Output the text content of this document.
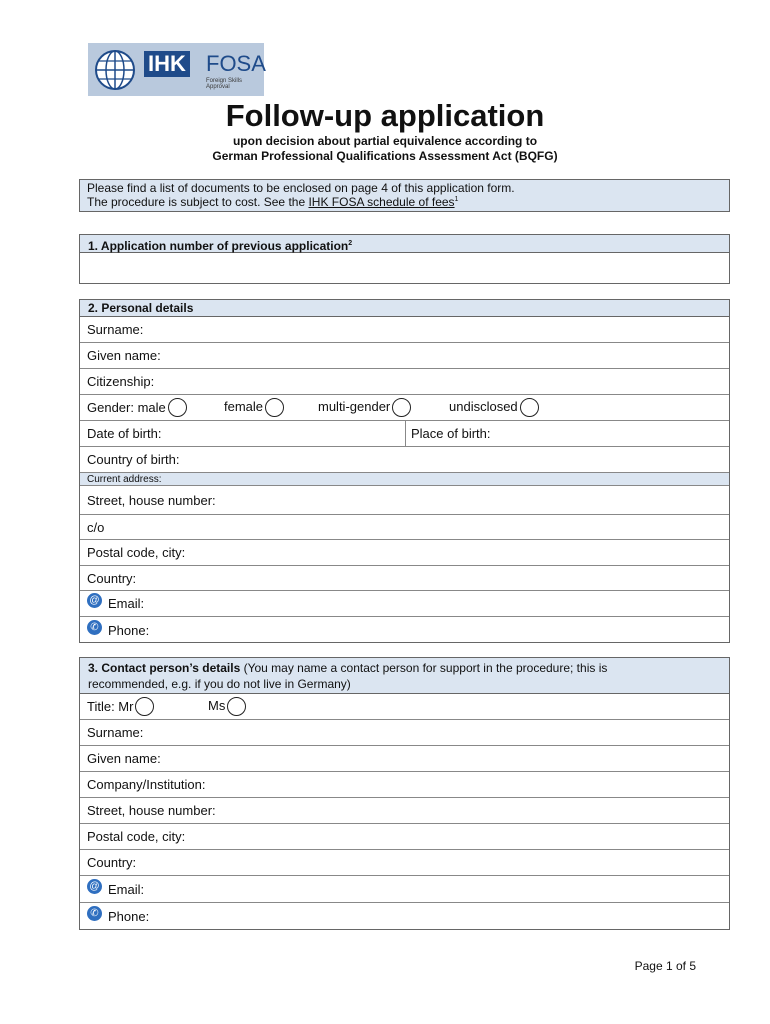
IHK FOSA
Foreign Skills Approval
Follow-up application
upon decision about partial equivalence according to
German Professional Qualifications Assessment Act (BQFG)
Please find a list of documents to be enclosed on page 4 of this application form.
The procedure is subject to cost. See the IHK FOSA schedule of fees$^1$
1. Application number of previous application$^2$
2. Personal details
Surname:
Given name:
Citizenship:
Gender: male	female	multi-gender	undisclosed
Date of birth:	Place of birth:
Country of birth:
Current address:
Street, house number:
c/o
Postal code, city:
Country:
@ Email:
✆ Phone:
3. Contact person’s details (You may name a contact person for support in the procedure; this is
recommended, e.g. if you do not live in Germany)
Title: Mr	Ms
Surname:
Given name:
Company/Institution:
Street, house number:
Postal code, city:
Country:
@ Email:
✆ Phone:
Page 1 of 5
